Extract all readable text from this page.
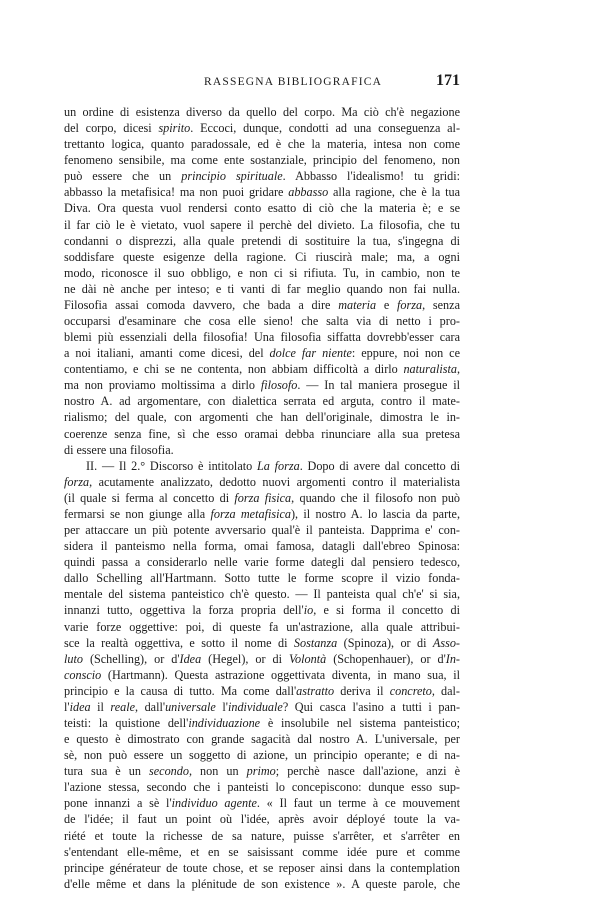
RASSEGNA BIBLIOGRAFICA	171
un ordine di esistenza diverso da quello del corpo. Ma ciò ch'è negazione
del corpo, dicesi spirito. Eccoci, dunque, condotti ad una conseguenza al-
trettanto logica, quanto paradossale, ed è che la materia, intesa non come
fenomeno sensibile, ma come ente sostanziale, principio del fenomeno, non
può essere che un principio spirituale. Abbasso l'idealismo! tu gridi:
abbasso la metafisica! ma non puoi gridare abbasso alla ragione, che è la tua
Diva. Ora questa vuol rendersi conto esatto di ciò che la materia è; e se
il far ciò le è vietato, vuol sapere il perchè del divieto. La filosofia, che tu
condanni o disprezzi, alla quale pretendi di sostituire la tua, s'ingegna di
soddisfare queste esigenze della ragione. Ci riuscirà male; ma, a ogni
modo, riconosce il suo obbligo, e non ci si rifiuta. Tu, in cambio, non te
ne dài nè anche per inteso; e ti vanti di far meglio quando non fai nulla.
Filosofia assai comoda davvero, che bada a dire materia e forza, senza
occuparsi d'esaminare che cosa elle sieno! che salta via di netto i pro-
blemi più essenziali della filosofia! Una filosofia siffatta dovrebb'esser cara
a noi italiani, amanti come dicesi, del dolce far niente: eppure, noi non ce
contentiamo, e chi se ne contenta, non abbiam difficoltà a dirlo naturalista,
ma non proviamo moltissima a dirlo filosofo. — In tal maniera prosegue il
nostro A. ad argomentare, con dialettica serrata ed arguta, contro il mate-
rialismo; del quale, con argomenti che han dell'originale, dimostra le in-
coerenze senza fine, sì che esso oramai debba rinunciare alla sua pretesa
di essere una filosofia.
II. — Il 2.° Discorso è intitolato La forza. Dopo di avere dal concetto di
forza, acutamente analizzato, dedotto nuovi argomenti contro il materialista
(il quale si ferma al concetto di forza fisica, quando che il filosofo non può
fermarsi se non giunge alla forza metafisica), il nostro A. lo lascia da parte,
per attaccare un più potente avversario qual'è il panteista. Dapprima e' con-
sidera il panteismo nella forma, omai famosa, datagli dall'ebreo Spinosa:
quindi passa a considerarlo nelle varie forme dategli dal pensiero tedesco,
dallo Schelling all'Hartmann. Sotto tutte le forme scopre il vizio fonda-
mentale del sistema panteistico ch'è questo. — Il panteista qual ch'e' si sia,
innanzi tutto, oggettiva la forza propria dell'io, e si forma il concetto di
varie forze oggettive: poi, di queste fa un'astrazione, alla quale attribui-
sce la realtà oggettiva, e sotto il nome di Sostanza (Spinoza), or di Asso-
luto (Schelling), or d'Idea (Hegel), or di Volontà (Schopenhauer), or d'In-
conscio (Hartmann). Questa astrazione oggettivata diventa, in mano sua, il
principio e la causa di tutto. Ma come dall'astratto deriva il concreto, dal-
l'idea il reale, dall'universale l'individuale? Qui casca l'asino a tutti i pan-
teisti: la quistione dell'individuazione è insolubile nel sistema panteistico;
e questo è dimostrato con grande sagacità dal nostro A. L'universale, per
sè, non può essere un soggetto di azione, un principio operante; e di na-
tura sua è un secondo, non un primo; perchè nasce dall'azione, anzi è
l'azione stessa, secondo che i panteisti lo concepiscono: dunque esso sup-
pone innanzi a sè l'individuo agente. « Il faut un terme à ce mouvement
de l'idée; il faut un point où l'idée, après avoir déployé toute la va-
riété et toute la richesse de sa nature, puisse s'arrêter, et s'arrêter en
s'entendant elle-même, et en se saisissant comme idée pure et comme
principe générateur de toute chose, et se reposer ainsi dans la contemplation
d'elle même et dans la plénitude de son existence ». A queste parole, che
